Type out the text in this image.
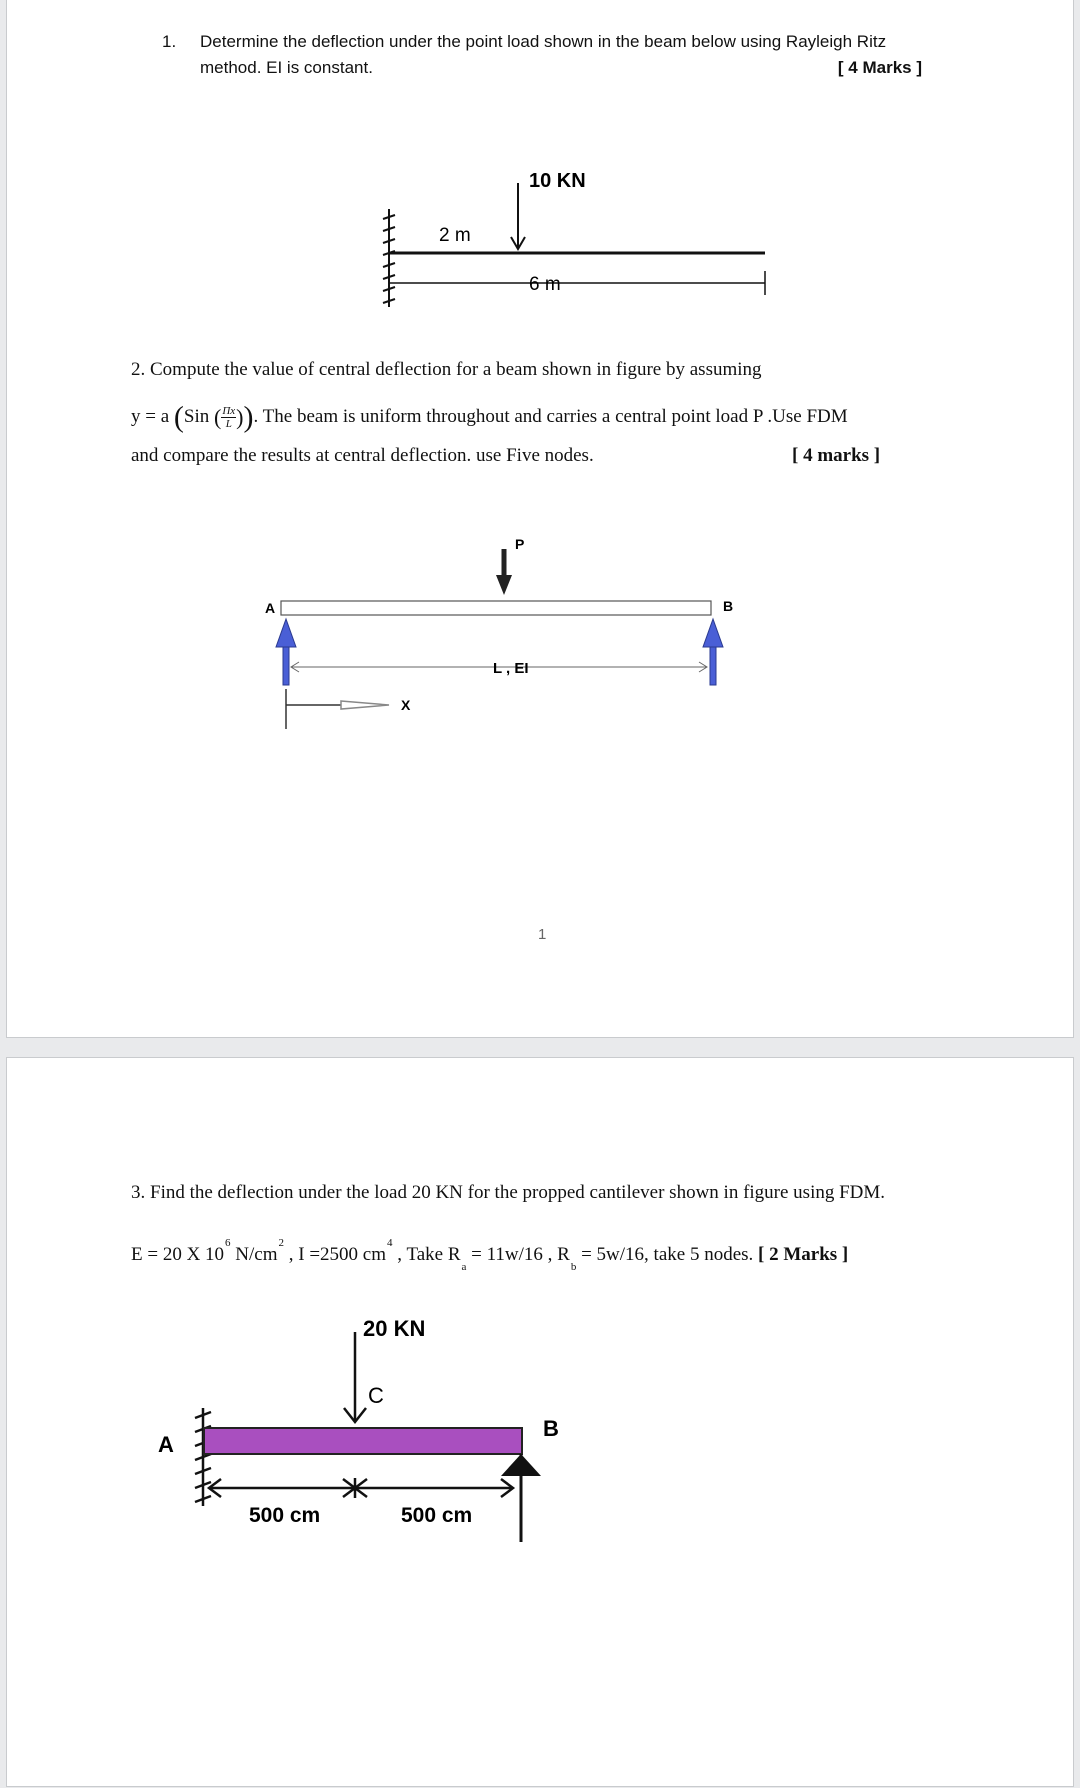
1. Determine the deflection under the point load shown in the beam below using Rayleigh Ritz method. EI is constant.	[ 4 Marks ]
10 KN
2 m
6 m
2. Compute the value of central deflection for a beam shown in figure by assuming
y = a (Sin ( $\frac{\Pi x}{L}$ )). The beam is uniform throughout and carries a central point load P .Use FDM
and compare the results at central deflection. use Five nodes.	[ 4 marks ]
P
A	B
L , EI
X
1
3. Find the deflection under the load 20 KN for the propped cantilever shown in figure using FDM.
E = 20 X $10^6$ $N/cm^2$ , I =2500 $cm^4$ , Take $R_a = 11w/16$ , $R_b = 5w/16$, take 5 nodes. [ 2 Marks ]
20 KN
C
A
B
500 cm	500 cm
